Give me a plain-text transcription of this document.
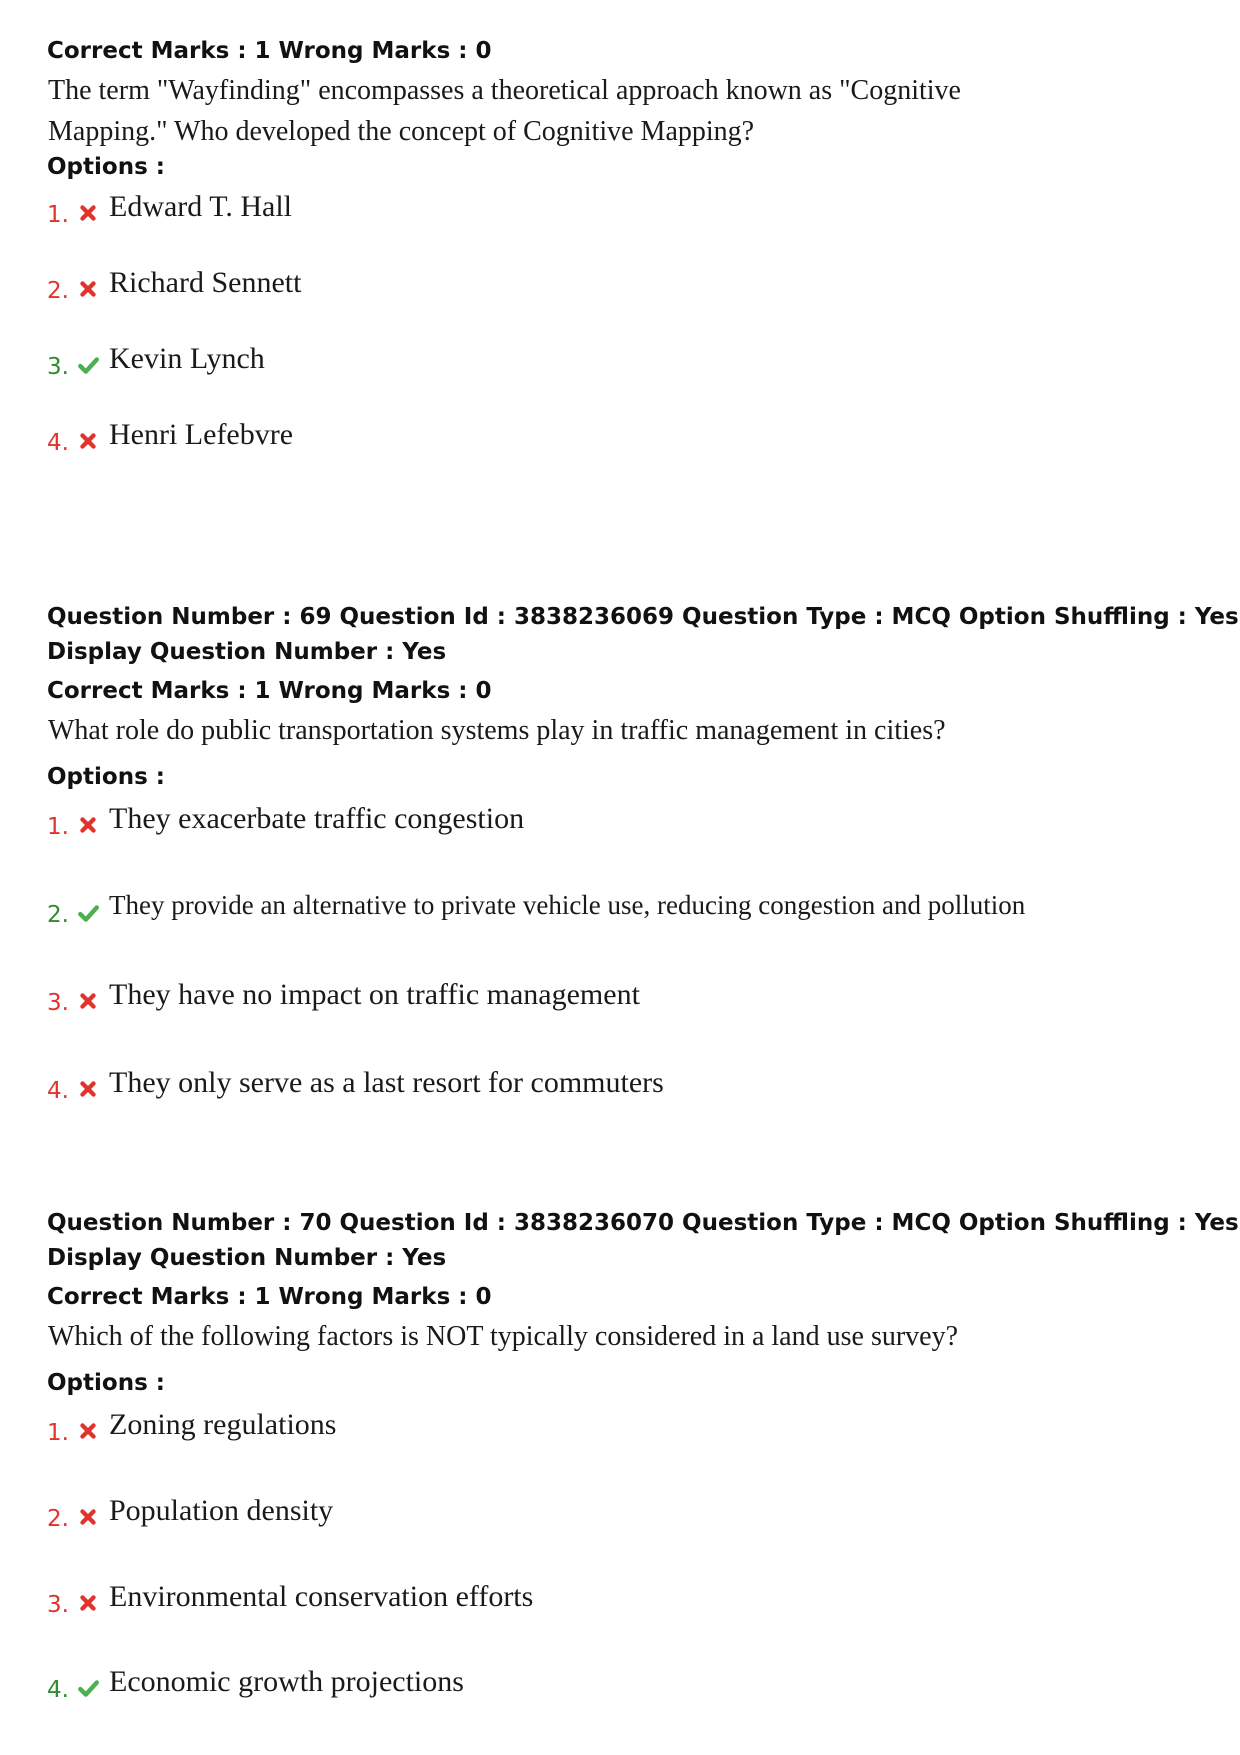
Correct Marks : 1 Wrong Marks : 0
The term "Wayfinding" encompasses a theoretical approach known as "Cognitive
Mapping." Who developed the concept of Cognitive Mapping?
Options :
1. Edward T. Hall
2. Richard Sennett
3. Kevin Lynch
4. Henri Lefebvre
Question Number : 69 Question Id : 3838236069 Question Type : MCQ Option Shuffling : Yes
Display Question Number : Yes
Correct Marks : 1 Wrong Marks : 0
What role do public transportation systems play in traffic management in cities?
Options :
1. They exacerbate traffic congestion
2. They provide an alternative to private vehicle use, reducing congestion and pollution
3. They have no impact on traffic management
4. They only serve as a last resort for commuters
Question Number : 70 Question Id : 3838236070 Question Type : MCQ Option Shuffling : Yes
Display Question Number : Yes
Correct Marks : 1 Wrong Marks : 0
Which of the following factors is NOT typically considered in a land use survey?
Options :
1. Zoning regulations
2. Population density
3. Environmental conservation efforts
4. Economic growth projections
